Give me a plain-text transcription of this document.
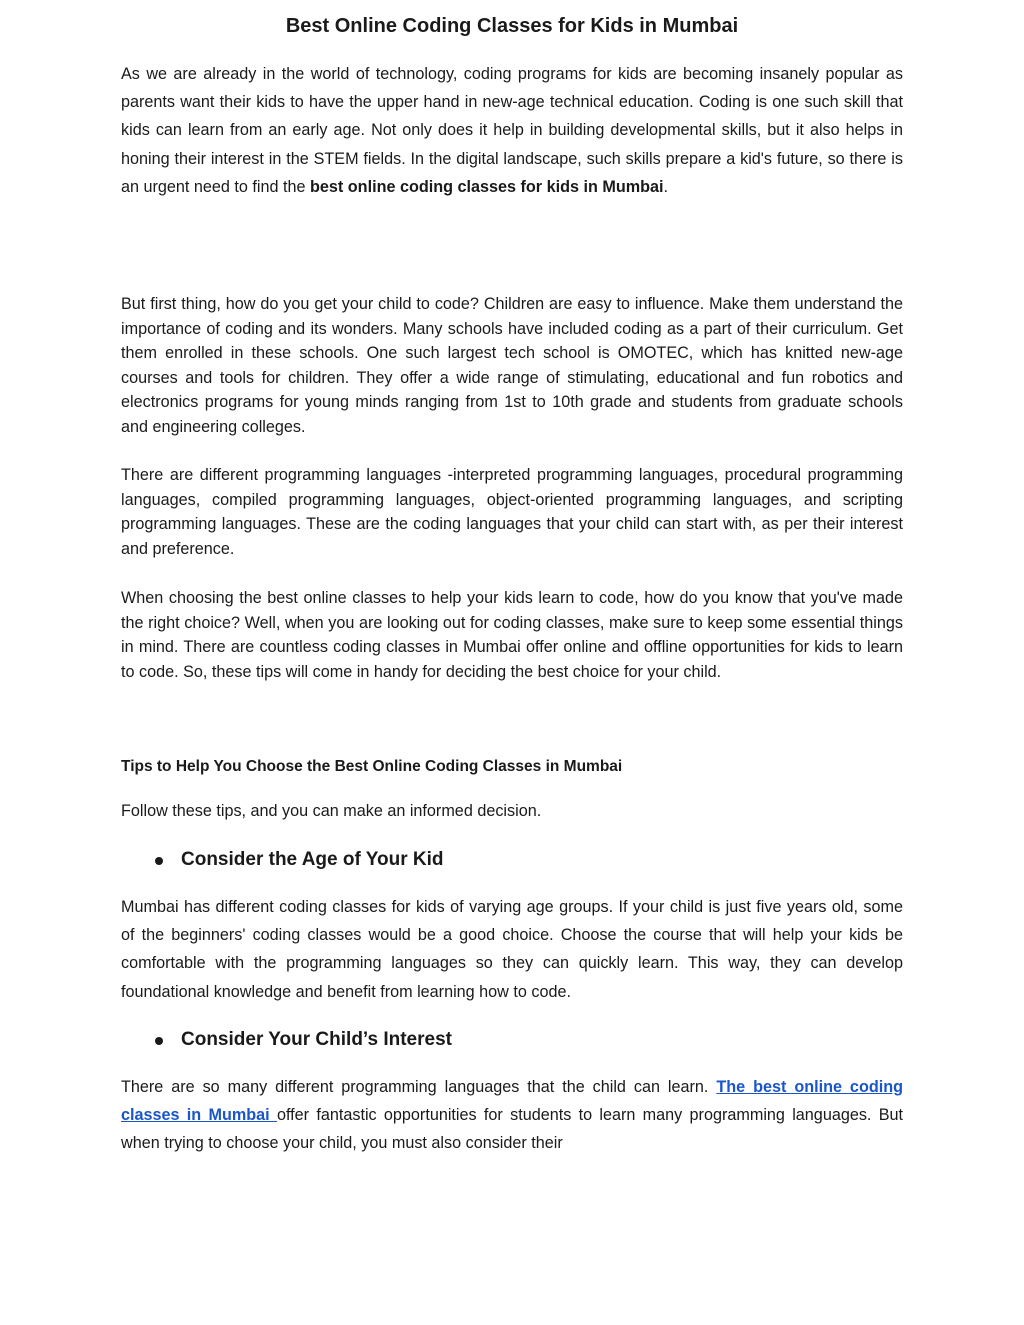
Best Online Coding Classes for Kids in Mumbai

As we are already in the world of technology, coding programs for kids are becoming insanely popular as parents want their kids to have the upper hand in new-age technical education. Coding is one such skill that kids can learn from an early age. Not only does it help in building developmental skills, but it also helps in honing their interest in the STEM fields. In the digital landscape, such skills prepare a kid's future, so there is an urgent need to find the best online coding classes for kids in Mumbai.

But first thing, how do you get your child to code? Children are easy to influence. Make them understand the importance of coding and its wonders. Many schools have included coding as a part of their curriculum. Get them enrolled in these schools. One such largest tech school is OMOTEC, which has knitted new-age courses and tools for children. They offer a wide range of stimulating, educational and fun robotics and electronics programs for young minds ranging from 1st to 10th grade and students from graduate schools and engineering colleges.

There are different programming languages -interpreted programming languages, procedural programming languages, compiled programming languages, object-oriented programming languages, and scripting programming languages. These are the coding languages that your child can start with, as per their interest and preference.

When choosing the best online classes to help your kids learn to code, how do you know that you've made the right choice? Well, when you are looking out for coding classes, make sure to keep some essential things in mind. There are countless coding classes in Mumbai offer online and offline opportunities for kids to learn to code. So, these tips will come in handy for deciding the best choice for your child.

Tips to Help You Choose the Best Online Coding Classes in Mumbai

Follow these tips, and you can make an informed decision.

Consider the Age of Your Kid

Mumbai has different coding classes for kids of varying age groups. If your child is just five years old, some of the beginners' coding classes would be a good choice. Choose the course that will help your kids be comfortable with the programming languages so they can quickly learn. This way, they can develop foundational knowledge and benefit from learning how to code.

Consider Your Child’s Interest

There are so many different programming languages that the child can learn. The best online coding classes in Mumbai offer fantastic opportunities for students to learn many programming languages. But when trying to choose your child, you must also consider their
